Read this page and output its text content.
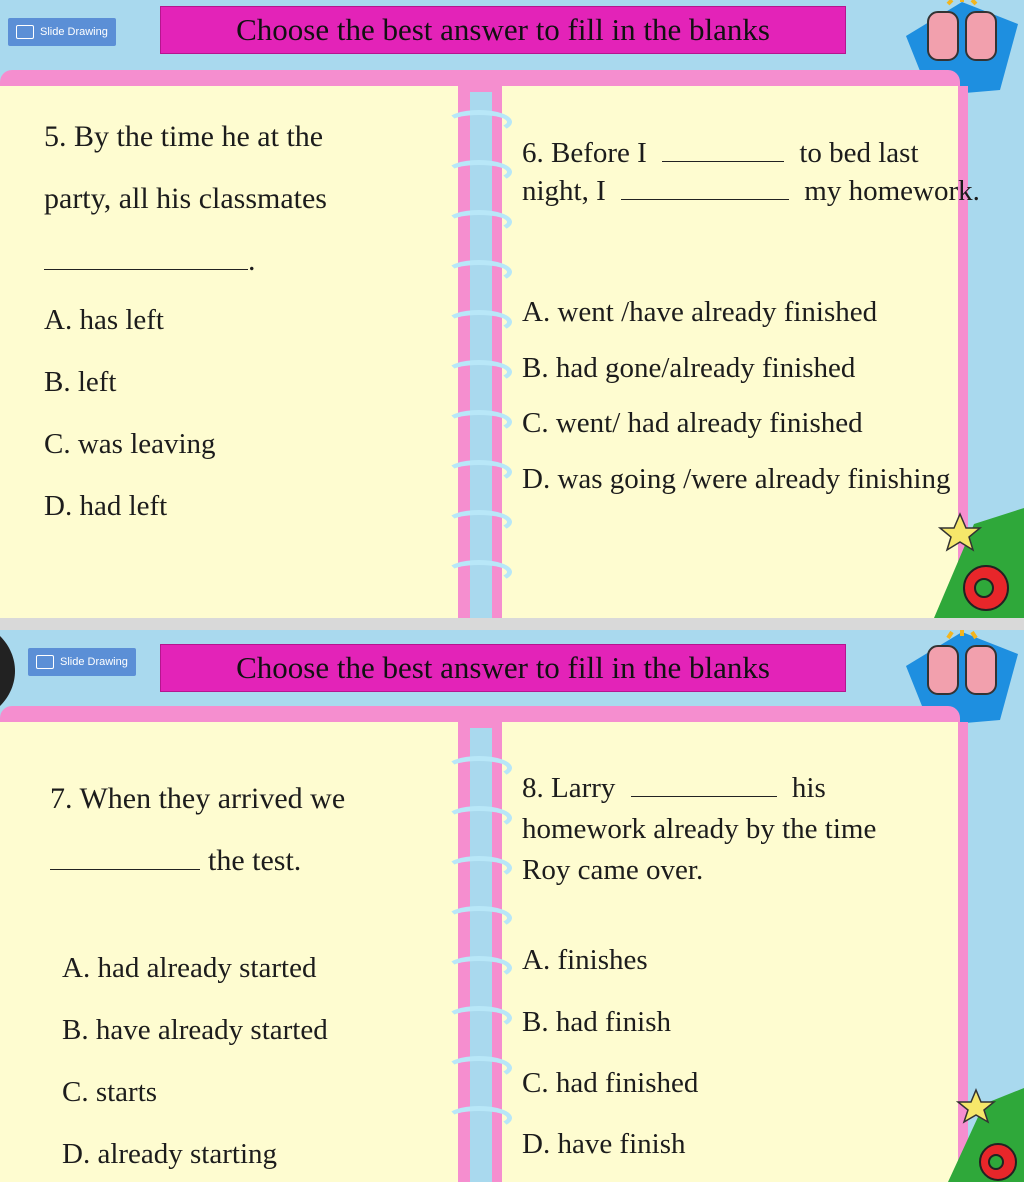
Slide Drawing	Choose the best answer to fill in the blanks
5. By the time he at the
party, all his classmates
.
A. has left
B. left
C. was leaving
D. had left
6. Before I	to bed last
night, I	my homework.
A. went /have already finished
B. had gone/already finished
C. went/ had already finished
D. was going /were already finishing
Slide Drawing	Choose the best answer to fill in the blanks
7. When they arrived we
the test.
A. had already started
B. have already started
C. starts
D. already starting
8. Larry	his
homework already by the time
Roy came over.
A. finishes
B. had finish
C. had finished
D. have finish
